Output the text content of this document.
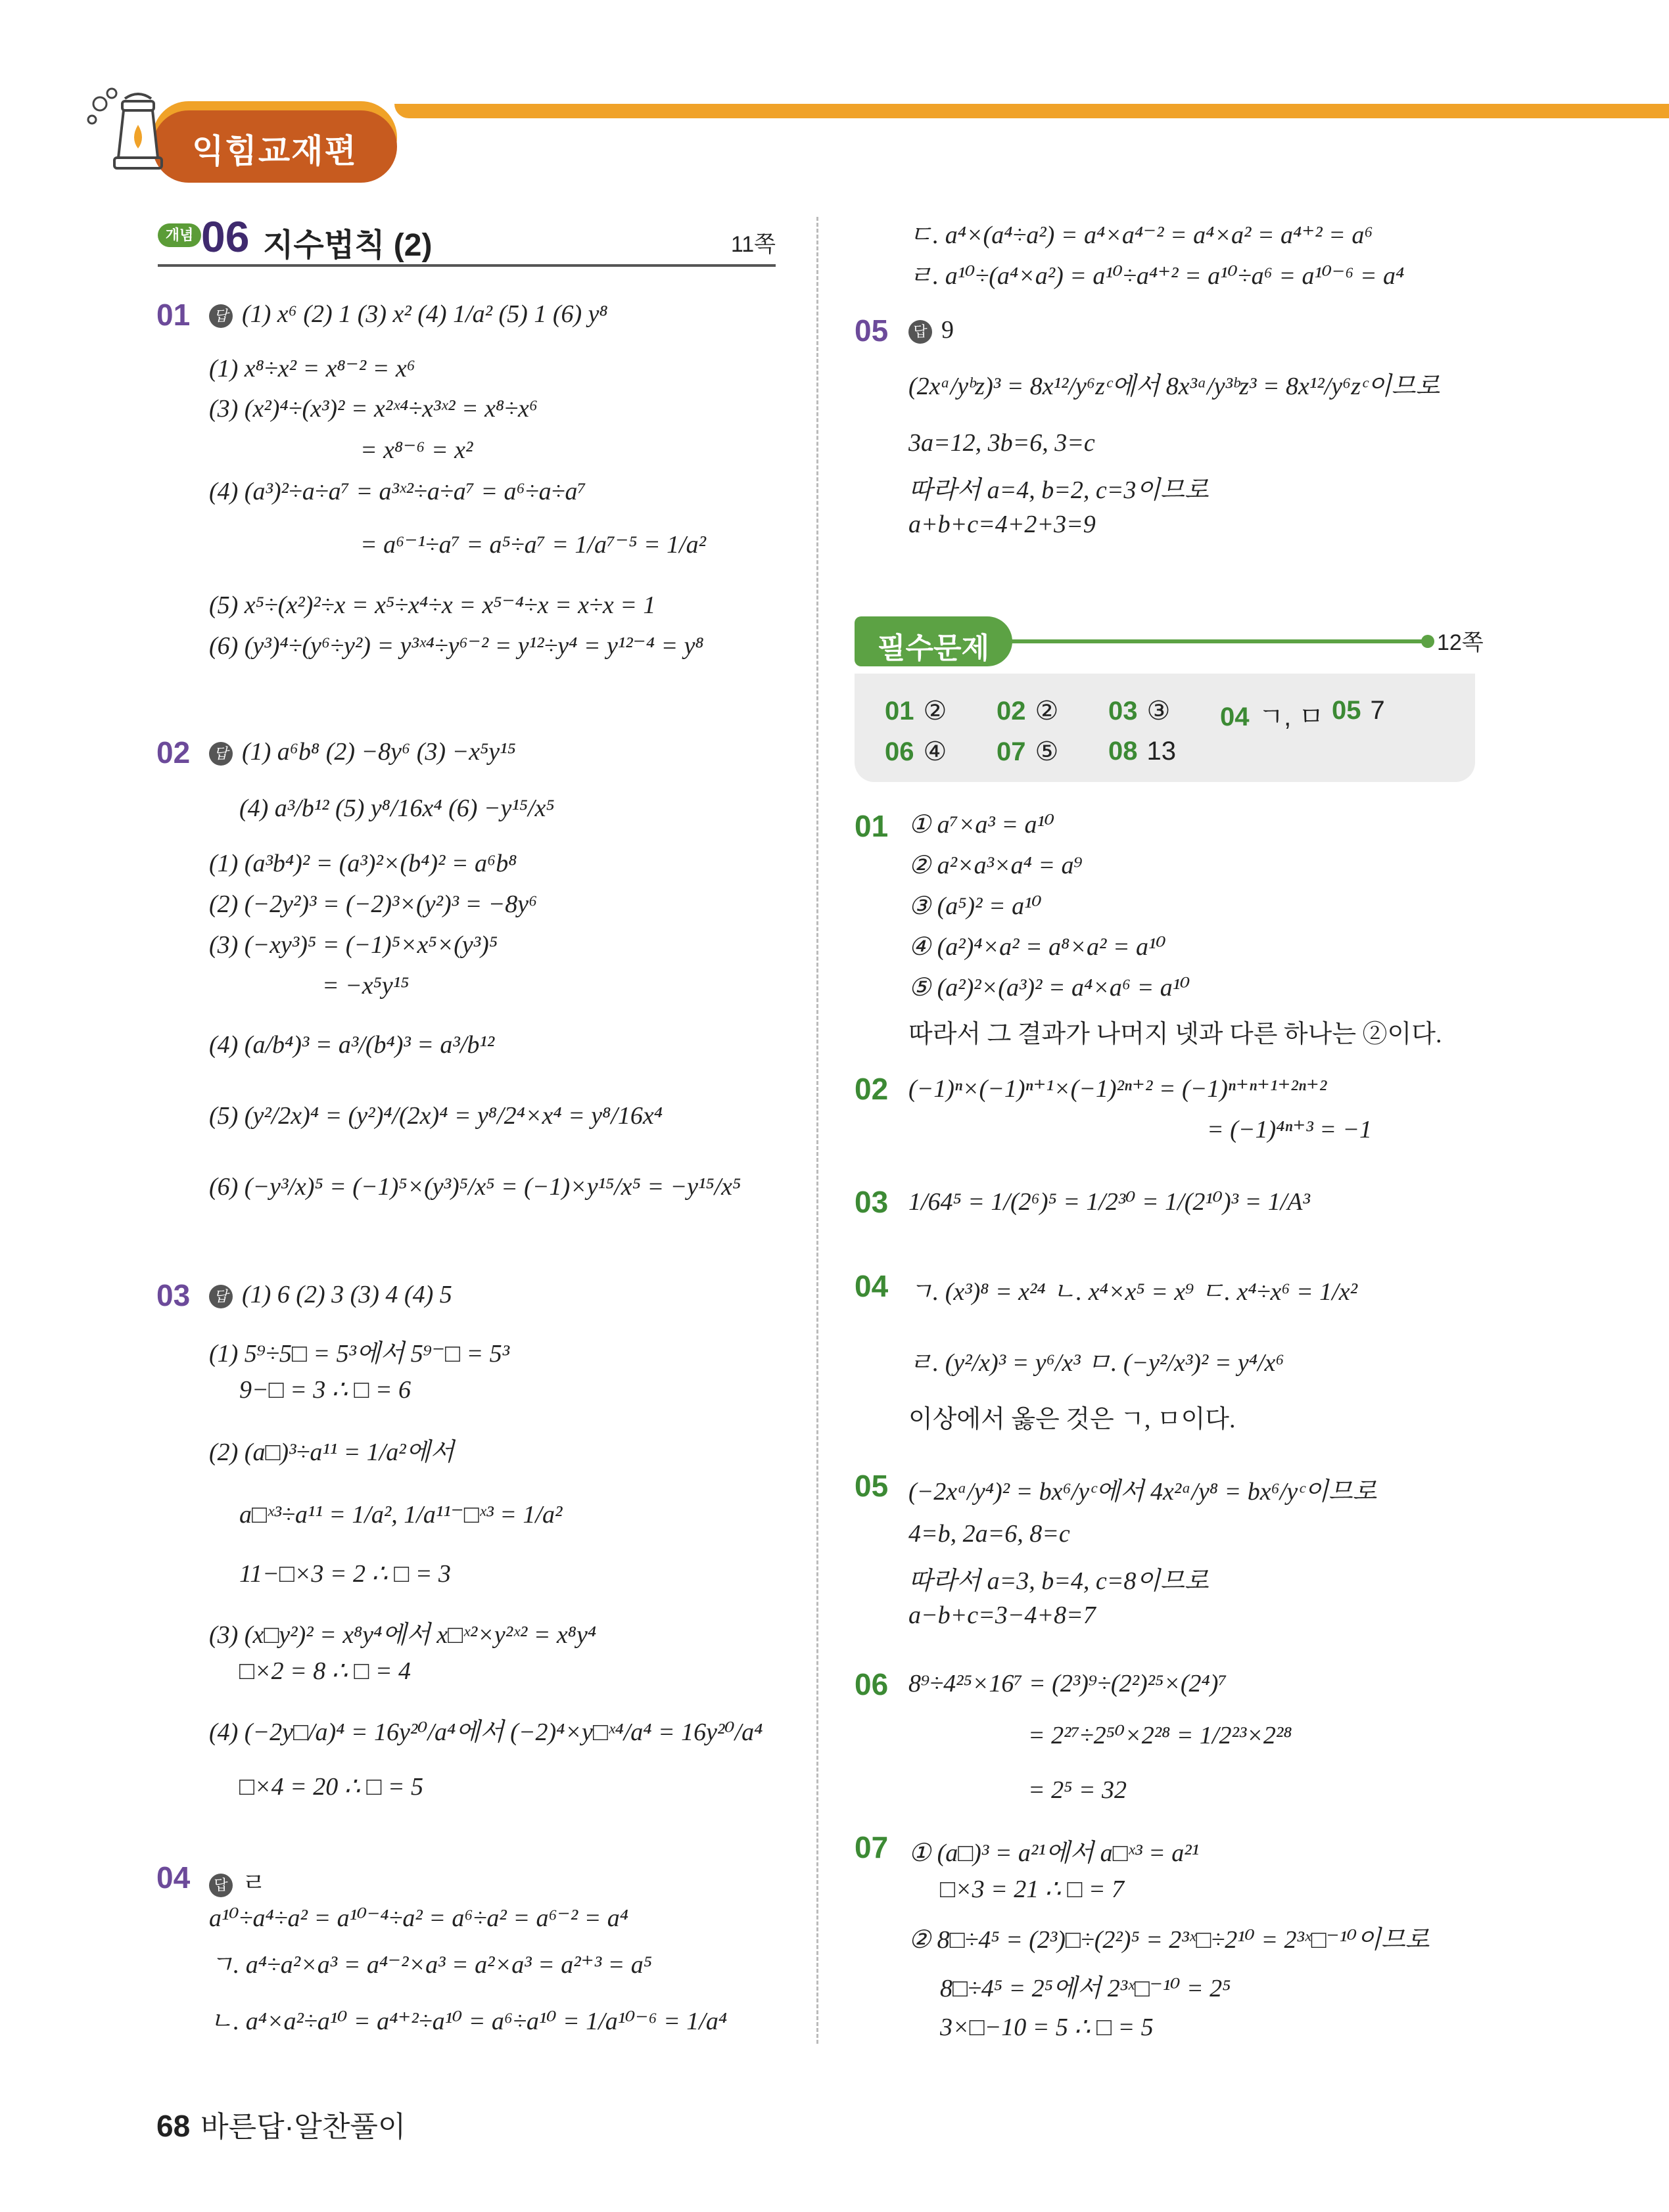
익힘교재편
개념 06 지수법칙 (2)	11쪽
01	답 (1) x⁶ (2) 1 (3) x² (4) 1/a² (5) 1 (6) y⁸
(1) x⁸÷x² = x⁸⁻² = x⁶
(3) (x²)⁴÷(x³)² = x²ˣ⁴÷x³ˣ² = x⁸÷x⁶
= x⁸⁻⁶ = x²
(4) (a³)²÷a÷a⁷ = a³ˣ²÷a÷a⁷ = a⁶÷a÷a⁷
= a⁶⁻¹÷a⁷ = a⁵÷a⁷ = 1/a⁷⁻⁵ = 1/a²
(5) x⁵÷(x²)²÷x = x⁵÷x⁴÷x = x⁵⁻⁴÷x = x÷x = 1
(6) (y³)⁴÷(y⁶÷y²) = y³ˣ⁴÷y⁶⁻² = y¹²÷y⁴ = y¹²⁻⁴ = y⁸
02	답 (1) a⁶b⁸ (2) −8y⁶ (3) −x⁵y¹⁵
(4) a³/b¹² (5) y⁸/16x⁴ (6) −y¹⁵/x⁵
(1) (a³b⁴)² = (a³)²×(b⁴)² = a⁶b⁸
(2) (−2y²)³ = (−2)³×(y²)³ = −8y⁶
(3) (−xy³)⁵ = (−1)⁵×x⁵×(y³)⁵
= −x⁵y¹⁵
(4) (a/b⁴)³ = a³/(b⁴)³ = a³/b¹²
(5) (y²/2x)⁴ = (y²)⁴/(2x)⁴ = y⁸/2⁴×x⁴ = y⁸/16x⁴
(6) (−y³/x)⁵ = (−1)⁵×(y³)⁵/x⁵ = (−1)×y¹⁵/x⁵ = −y¹⁵/x⁵
03	답 (1) 6 (2) 3 (3) 4 (4) 5
(1) 5⁹÷5□ = 5³에서 5⁹⁻□ = 5³
9−□ = 3 ∴ □ = 6
(2) (a□)³÷a¹¹ = 1/a²에서
a□ˣ³÷a¹¹ = 1/a², 1/a¹¹⁻□ˣ³ = 1/a²
11−□×3 = 2 ∴ □ = 3
(3) (x□y²)² = x⁸y⁴에서 x□ˣ²×y²ˣ² = x⁸y⁴
□×2 = 8 ∴ □ = 4
(4) (−2y□/a)⁴ = 16y²⁰/a⁴에서 (−2)⁴×y□ˣ⁴/a⁴ = 16y²⁰/a⁴
□×4 = 20 ∴ □ = 5
04	답 ㄹ
a¹⁰÷a⁴÷a² = a¹⁰⁻⁴÷a² = a⁶÷a² = a⁶⁻² = a⁴
ㄱ. a⁴÷a²×a³ = a⁴⁻²×a³ = a²×a³ = a²⁺³ = a⁵
ㄴ. a⁴×a²÷a¹⁰ = a⁴⁺²÷a¹⁰ = a⁶÷a¹⁰ = 1/a¹⁰⁻⁶ = 1/a⁴
ㄷ. a⁴×(a⁴÷a²) = a⁴×a⁴⁻² = a⁴×a² = a⁴⁺² = a⁶
ㄹ. a¹⁰÷(a⁴×a²) = a¹⁰÷a⁴⁺² = a¹⁰÷a⁶ = a¹⁰⁻⁶ = a⁴
05	답 9
(2xᵃ/yᵇz)³ = 8x¹²/y⁶zᶜ에서 8x³ᵃ/y³ᵇz³ = 8x¹²/y⁶zᶜ이므로
3a=12, 3b=6, 3=c
따라서 a=4, b=2, c=3이므로
a+b+c=4+2+3=9
필수문제	12쪽
01 ② 02 ② 03 ③ 04 ㄱ, ㅁ 05 7
06 ④ 07 ⑤ 08 13
01 ① a⁷×a³ = a¹⁰
② a²×a³×a⁴ = a⁹
③ (a⁵)² = a¹⁰
④ (a²)⁴×a² = a⁸×a² = a¹⁰
⑤ (a²)²×(a³)² = a⁴×a⁶ = a¹⁰
따라서 그 결과가 나머지 넷과 다른 하나는 ②이다.
02 (−1)ⁿ×(−1)ⁿ⁺¹×(−1)²ⁿ⁺² = (−1)ⁿ⁺ⁿ⁺¹⁺²ⁿ⁺²
= (−1)⁴ⁿ⁺³ = −1
03 1/64⁵ = 1/(2⁶)⁵ = 1/2³⁰ = 1/(2¹⁰)³ = 1/A³
04 ㄱ. (x³)⁸ = x²⁴ ㄴ. x⁴×x⁵ = x⁹ ㄷ. x⁴÷x⁶ = 1/x²
ㄹ. (y²/x)³ = y⁶/x³ ㅁ. (−y²/x³)² = y⁴/x⁶
이상에서 옳은 것은 ㄱ, ㅁ이다.
05 (−2xᵃ/y⁴)² = bx⁶/yᶜ에서 4x²ᵃ/y⁸ = bx⁶/yᶜ이므로
4=b, 2a=6, 8=c
따라서 a=3, b=4, c=8이므로
a−b+c=3−4+8=7
06 8⁹÷4²⁵×16⁷ = (2³)⁹÷(2²)²⁵×(2⁴)⁷
= 2²⁷÷2⁵⁰×2²⁸ = 1/2²³×2²⁸
= 2⁵ = 32
07 ① (a□)³ = a²¹에서 a□ˣ³ = a²¹
□×3 = 21 ∴ □ = 7
② 8□÷4⁵ = (2³)□÷(2²)⁵ = 2³ˣ□÷2¹⁰ = 2³ˣ□⁻¹⁰이므로
8□÷4⁵ = 2⁵에서 2³ˣ□⁻¹⁰ = 2⁵
3×□−10 = 5 ∴ □ = 5
68 바른답·알찬풀이
